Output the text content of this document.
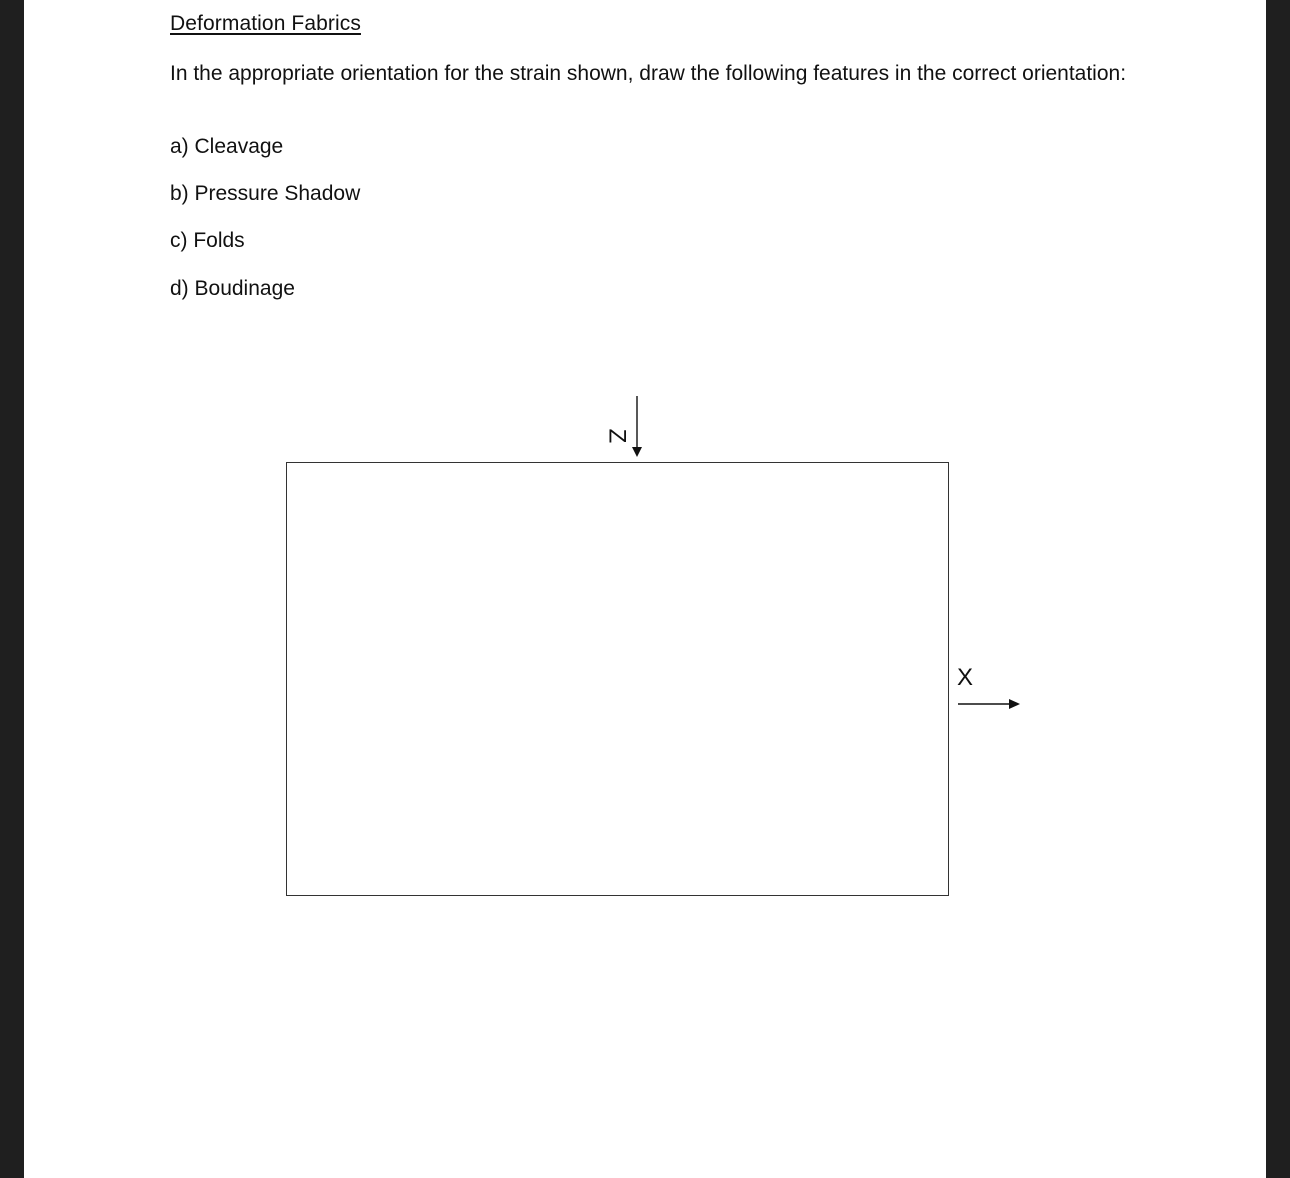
Deformation Fabrics
In the appropriate orientation for the strain shown, draw the following features in the correct orientation:
a) Cleavage
b) Pressure Shadow
c) Folds
d) Boudinage
Z
X
